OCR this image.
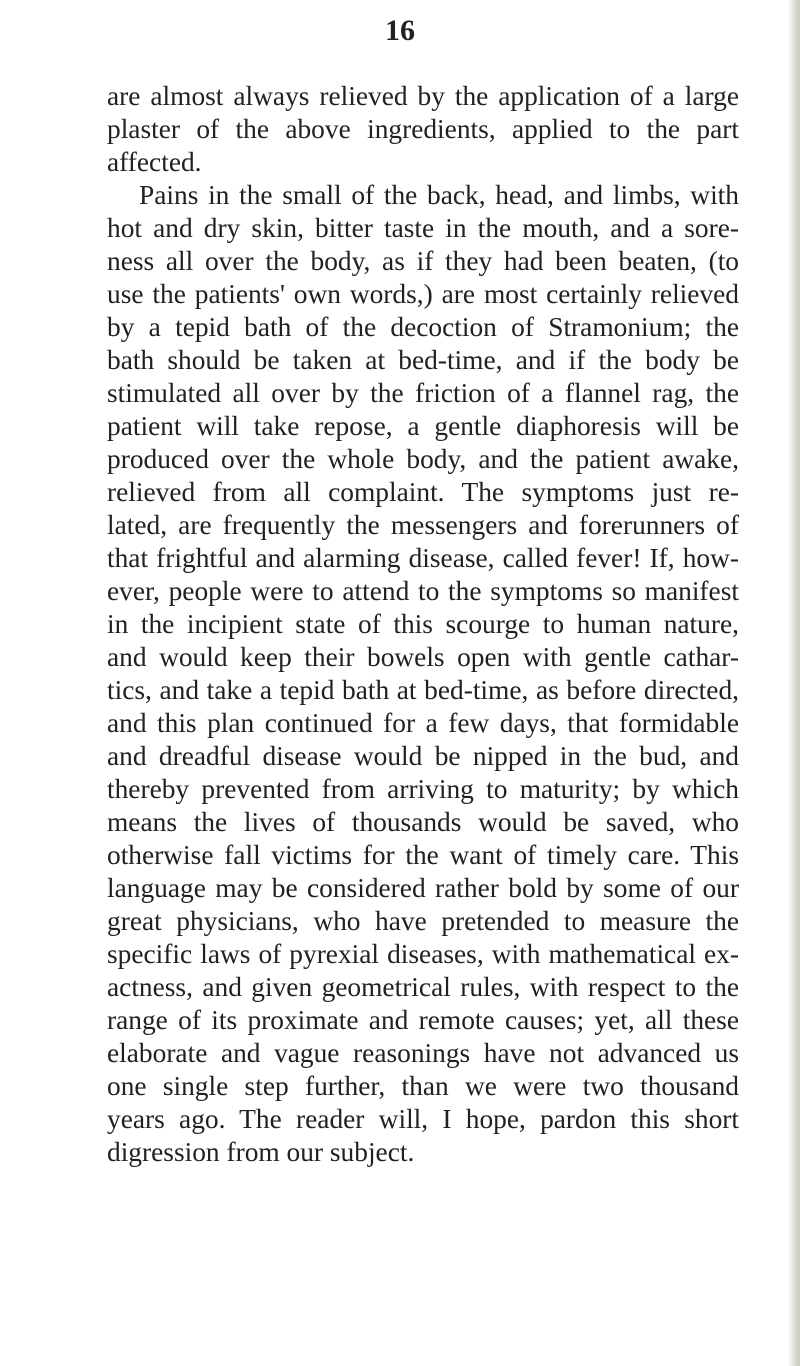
16
are almost always relieved by the application of a large
plaster of the above ingredients, applied to the part
affected.
Pains in the small of the back, head, and limbs, with
hot and dry skin, bitter taste in the mouth, and a sore-
ness all over the body, as if they had been beaten, (to
use the patients' own words,) are most certainly relieved
by a tepid bath of the decoction of Stramonium; the
bath should be taken at bed-time, and if the body be
stimulated all over by the friction of a flannel rag, the
patient will take repose, a gentle diaphoresis will be
produced over the whole body, and the patient awake,
relieved from all complaint. The symptoms just re-
lated, are frequently the messengers and forerunners of
that frightful and alarming disease, called fever! If, how-
ever, people were to attend to the symptoms so manifest
in the incipient state of this scourge to human nature,
and would keep their bowels open with gentle cathar-
tics, and take a tepid bath at bed-time, as before directed,
and this plan continued for a few days, that formidable
and dreadful disease would be nipped in the bud, and
thereby prevented from arriving to maturity; by which
means the lives of thousands would be saved, who
otherwise fall victims for the want of timely care. This
language may be considered rather bold by some of our
great physicians, who have pretended to measure the
specific laws of pyrexial diseases, with mathematical ex-
actness, and given geometrical rules, with respect to the
range of its proximate and remote causes; yet, all these
elaborate and vague reasonings have not advanced us
one single step further, than we were two thousand
years ago. The reader will, I hope, pardon this short
digression from our subject.
